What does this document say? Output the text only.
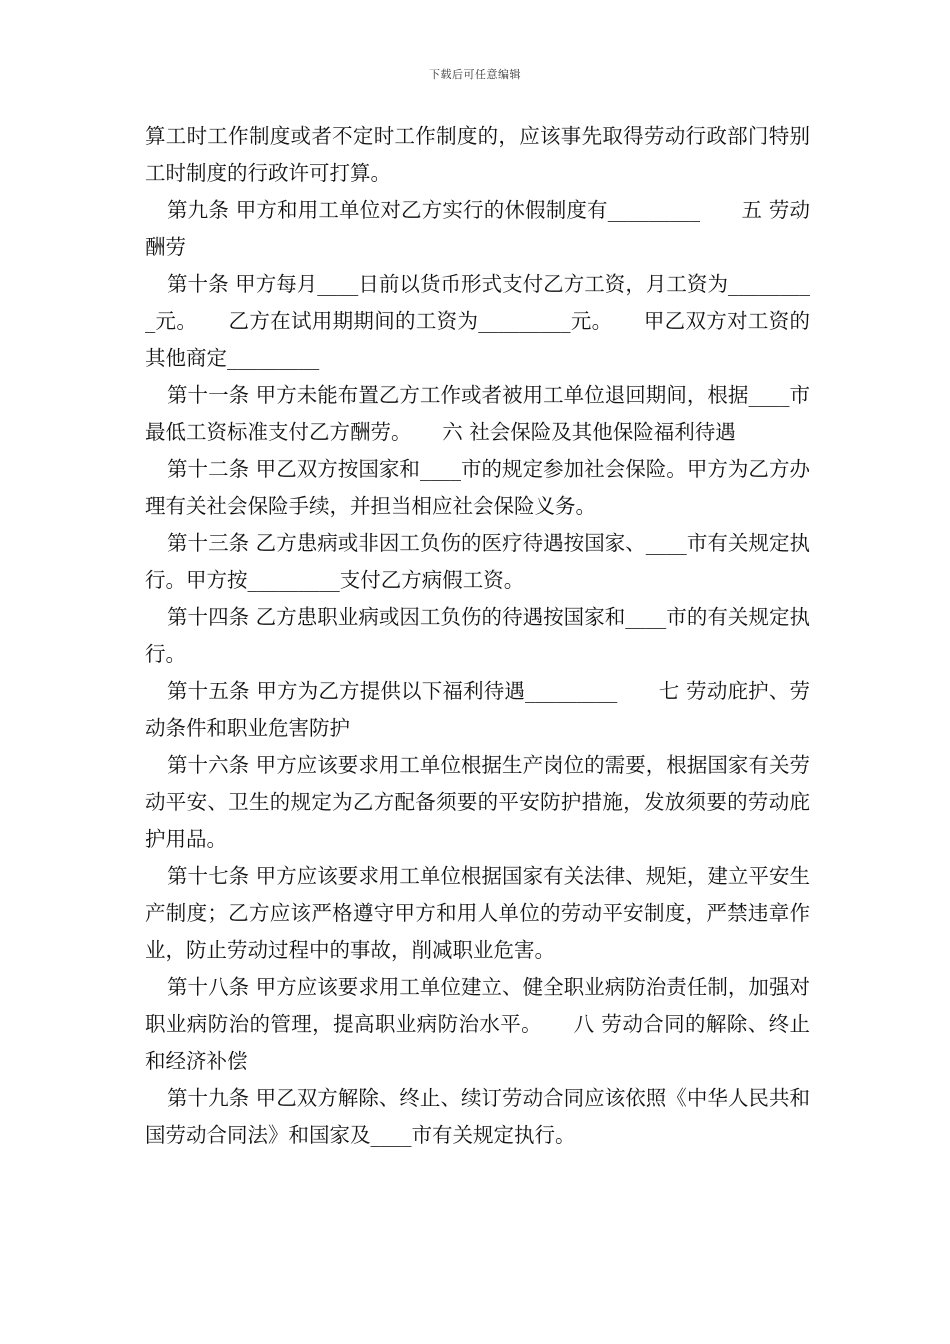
下载后可任意编辑

算工时工作制度或者不定时工作制度的，应该事先取得劳动行政部门特别工时制度的行政许可打算。

第九条 甲方和用工单位对乙方实行的休假制度有_________　　五 劳动酬劳

第十条 甲方每月____日前以货币形式支付乙方工资，月工资为_________元。　　乙方在试用期期间的工资为_________元。　　甲乙双方对工资的其他商定_________

第十一条 甲方未能布置乙方工作或者被用工单位退回期间，根据____市最低工资标准支付乙方酬劳。　　六 社会保险及其他保险福利待遇

第十二条 甲乙双方按国家和____市的规定参加社会保险。甲方为乙方办理有关社会保险手续，并担当相应社会保险义务。

第十三条 乙方患病或非因工负伤的医疗待遇按国家、____市有关规定执行。甲方按_________支付乙方病假工资。

第十四条 乙方患职业病或因工负伤的待遇按国家和____市的有关规定执行。

第十五条 甲方为乙方提供以下福利待遇_________　　七 劳动庇护、劳动条件和职业危害防护

第十六条 甲方应该要求用工单位根据生产岗位的需要，根据国家有关劳动平安、卫生的规定为乙方配备须要的平安防护措施，发放须要的劳动庇护用品。

第十七条 甲方应该要求用工单位根据国家有关法律、规矩，建立平安生产制度；乙方应该严格遵守甲方和用人单位的劳动平安制度，严禁违章作业，防止劳动过程中的事故，削减职业危害。

第十八条 甲方应该要求用工单位建立、健全职业病防治责任制，加强对职业病防治的管理，提高职业病防治水平。　　八 劳动合同的解除、终止和经济补偿

第十九条 甲乙双方解除、终止、续订劳动合同应该依照《中华人民共和国劳动合同法》和国家及____市有关规定执行。
